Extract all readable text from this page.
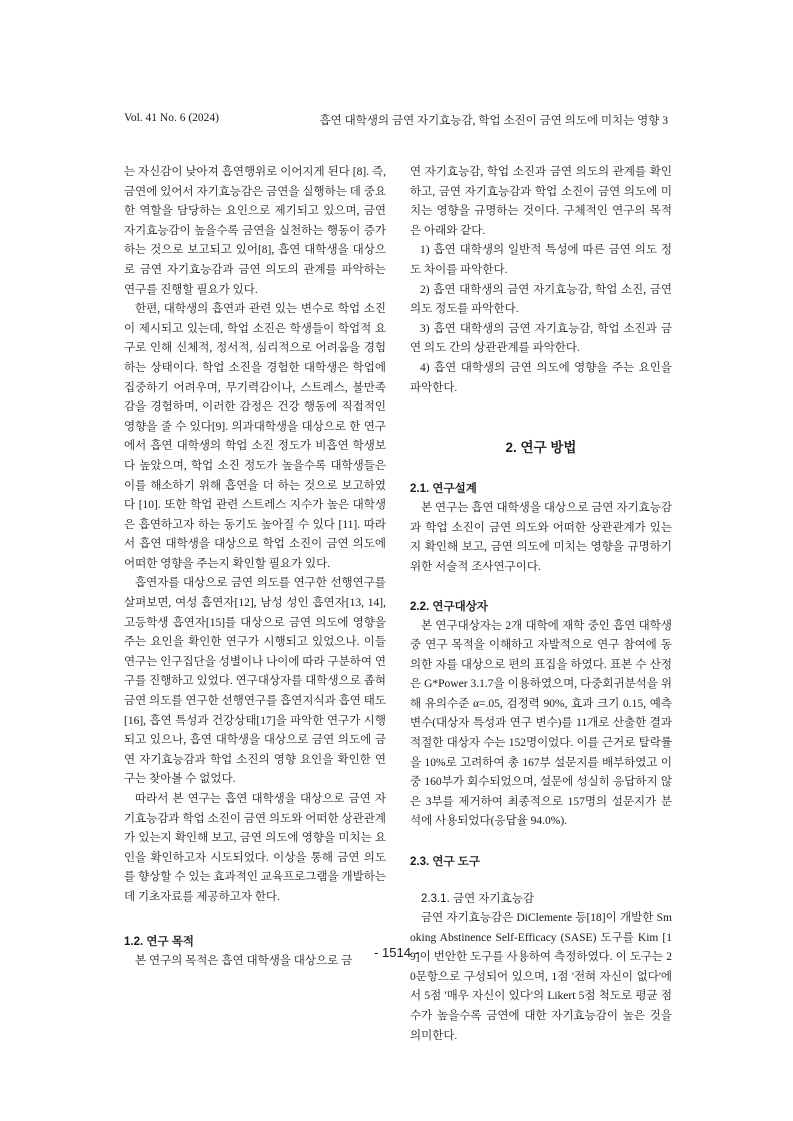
Vol. 41 No. 6 (2024)	흡연 대학생의 금연 자기효능감, 학업 소진이 금연 의도에 미치는 영향 3

는 자신감이 낮아져 흡연행위로 이어지게 된다 [8]. 즉, 금연에 있어서 자기효능감은 금연을 실행하는 데 중요한 역할을 담당하는 요인으로 제기되고 있으며, 금연 자기효능감이 높을수록 금연을 실천하는 행동이 증가하는 것으로 보고되고 있어[8], 흡연 대학생을 대상으로 금연 자기효능감과 금연 의도의 관계를 파악하는 연구를 진행할 필요가 있다.

한편, 대학생의 흡연과 관련 있는 변수로 학업 소진이 제시되고 있는데, 학업 소진은 학생들이 학업적 요구로 인해 신체적, 정서적, 심리적으로 어려움을 경험하는 상태이다. 학업 소진을 경험한 대학생은 학업에 집중하기 어려우며, 무기력감이나, 스트레스, 불만족감을 경험하며, 이러한 감정은 건강 행동에 직접적인 영향을 줄 수 있다[9]. 의과대학생을 대상으로 한 연구에서 흡연 대학생의 학업 소진 정도가 비흡연 학생보다 높았으며, 학업 소진 정도가 높을수록 대학생들은 이를 해소하기 위해 흡연을 더 하는 것으로 보고하였다 [10]. 또한 학업 관련 스트레스 지수가 높은 대학생은 흡연하고자 하는 동기도 높아질 수 있다 [11]. 따라서 흡연 대학생을 대상으로 학업 소진이 금연 의도에 어떠한 영향을 주는지 확인할 필요가 있다.

흡연자를 대상으로 금연 의도를 연구한 선행연구를 살펴보면, 여성 흡연자[12], 남성 성인 흡연자[13, 14], 고등학생 흡연자[15]를 대상으로 금연 의도에 영향을 주는 요인을 확인한 연구가 시행되고 있었으나. 이들 연구는 인구집단을 성별이나 나이에 따라 구분하여 연구를 진행하고 있었다. 연구대상자를 대학생으로 좁혀 금연 의도를 연구한 선행연구를 흡연지식과 흡연 태도[16], 흡연 특성과 건강상태[17]을 파악한 연구가 시행되고 있으나, 흡연 대학생을 대상으로 금연 의도에 금연 자기효능감과 학업 소진의 영향 요인을 확인한 연구는 찾아볼 수 없었다.

따라서 본 연구는 흡연 대학생을 대상으로 금연 자기효능감과 학업 소진이 금연 의도와 어떠한 상관관계가 있는지 확인해 보고, 금연 의도에 영향을 미치는 요인을 확인하고자 시도되었다. 이상을 통해 금연 의도를 향상할 수 있는 효과적인 교육프로그램을 개발하는데 기초자료를 제공하고자 한다.

1.2. 연구 목적

본 연구의 목적은 흡연 대학생을 대상으로 금

연 자기효능감, 학업 소진과 금연 의도의 관계를 확인하고, 금연 자기효능감과 학업 소진이 금연 의도에 미치는 영향을 규명하는 것이다. 구체적인 연구의 목적은 아래와 같다.

1) 흡연 대학생의 일반적 특성에 따른 금연 의도 정도 차이를 파악한다.

2) 흡연 대학생의 금연 자기효능감, 학업 소진, 금연 의도 정도를 파악한다.

3) 흡연 대학생의 금연 자기효능감, 학업 소진과 금연 의도 간의 상관관계를 파악한다.

4) 흡연 대학생의 금연 의도에 영향을 주는 요인을 파악한다.

2. 연구 방법

2.1. 연구설계

본 연구는 흡연 대학생을 대상으로 금연 자기효능감과 학업 소진이 금연 의도와 어떠한 상관관계가 있는지 확인해 보고, 금연 의도에 미치는 영향을 규명하기 위한 서술적 조사연구이다.

2.2. 연구대상자

본 연구대상자는 2개 대학에 재학 중인 흡연 대학생 중 연구 목적을 이해하고 자발적으로 연구 참여에 동의한 자를 대상으로 편의 표집을 하였다. 표본 수 산정은 G*Power 3.1.7을 이용하였으며, 다중회귀분석을 위해 유의수준 α=.05, 검정력 90%, 효과 크기 0.15, 예측 변수(대상자 특성과 연구 변수)를 11개로 산출한 결과 적절한 대상자 수는 152명이었다. 이를 근거로 탈락률을 10%로 고려하여 총 167부 설문지를 배부하였고 이 중 160부가 회수되었으며, 설문에 성실히 응답하지 않은 3부를 제거하여 최종적으로 157명의 설문지가 분석에 사용되었다(응답율 94.0%).

2.3. 연구 도구

2.3.1. 금연 자기효능감

금연 자기효능감은 DiClemente 등[18]이 개발한 Smoking Abstinence Self-Efficacy (SASE) 도구를 Kim [19]이 번안한 도구를 사용하여 측정하였다. 이 도구는 20문항으로 구성되어 있으며, 1점 '전혀 자신이 없다'에서 5점 '매우 자신이 있다'의 Likert 5점 척도로 평균 점수가 높을수록 금연에 대한 자기효능감이 높은 것을 의미한다.

- 1514 -
